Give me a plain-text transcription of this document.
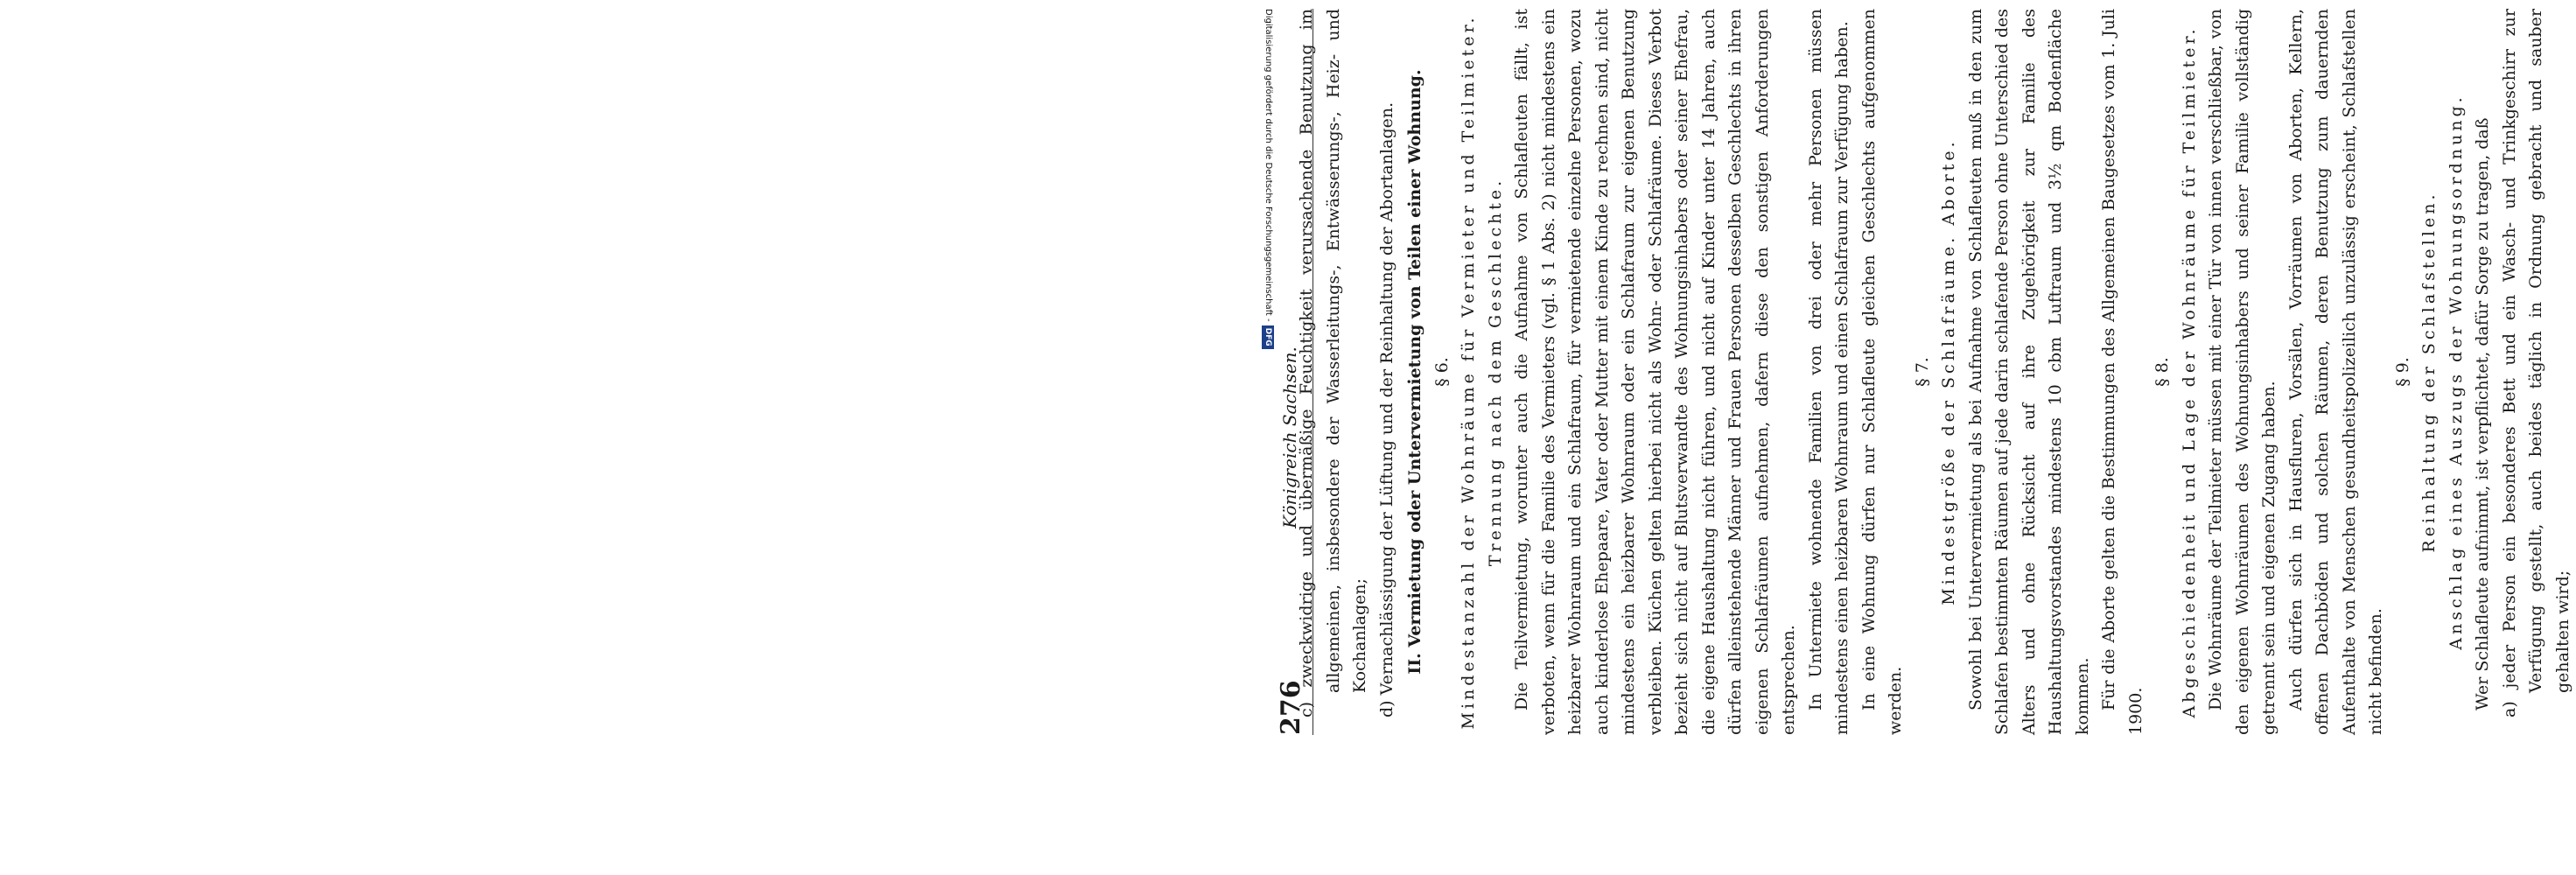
276
Königreich Sachsen.

c) zweckwidrige und übermäßige Feuchtigkeit verursachende Benutzung im allgemeinen, insbesondere der Wasserleitungs-, Entwässerungs-, Heiz- und Kochanlagen; d) Vernachlässigung der Lüftung und der Reinhaltung der Abortanlagen. II. Vermietung oder Untervermietung von Teilen einer Wohnung. § 6. Mindestanzahl der Wohnräume für Vermieter und Teilmieter. Trennung nach dem Geschlechte. Die Teilvermietung, worunter auch die Aufnahme von Schlafleuten fällt, ist verboten, wenn für die Familie des Vermieters (vgl. § 1 Abs. 2) nicht mindestens ein heizbarer Wohnraum und ein Schlafraum, für vermietende einzelne Personen, wozu auch kinderlose Ehepaare, Vater oder Mutter mit einem Kinde zu rechnen sind, nicht mindestens ein heizbarer Wohnraum oder ein Schlafraum zur eigenen Benutzung verbleiben. Küchen gelten hierbei nicht als Wohn- oder Schlafräume. Dieses Verbot bezieht sich nicht auf Blutsverwandte des Wohnungsinhabers oder seiner Ehefrau, die eigene Haushaltung nicht führen, und nicht auf Kinder unter 14 Jahren, auch dürfen alleinstehende Männer und Frauen Personen desselben Geschlechts in ihren eigenen Schlafräumen aufnehmen, dafern diese den sonstigen Anforderungen entsprechen. In Untermiete wohnende Familien von drei oder mehr Personen müssen mindestens einen heizbaren Wohnraum und einen Schlafraum zur Verfügung haben. In eine Wohnung dürfen nur Schlafleute gleichen Geschlechts aufgenommen werden.

§ 7. Mindestgröße der Schlafräume. Aborte. Sowohl bei Untervermietung als bei Aufnahme von Schlafleuten muß in den zum Schlafen bestimmten Räumen auf jede darin schlafende Person ohne Unterschied des Alters und ohne Rücksicht auf ihre Zugehörigkeit zur Familie des Haushaltungsvorstandes mindestens 10 cbm Luftraum und 3½ qm Bodenfläche kommen. Für die Aborte gelten die Bestimmungen des Allgemeinen Baugesetzes vom 1. Juli 1900.

§ 8. Abgeschiedenheit und Lage der Wohnräume für Teilmieter. Die Wohnräume der Teilmieter müssen mit einer Tür von innen verschließbar, von den eigenen Wohnräumen des Wohnungsinhabers und seiner Familie vollständig getrennt sein und eigenen Zugang haben. Auch dürfen sich in Hausfluren, Vorsälen, Vorräumen von Aborten, Kellern, offenen Dachböden und solchen Räumen, deren Benutzung zum dauernden Aufenthalte von Menschen gesundheitspolizeilich unzulässig erscheint, Schlafstellen nicht befinden.

§ 9. Reinhaltung der Schlafstellen. Anschlag eines Auszugs der Wohnungsordnung. Wer Schlafleute aufnimmt, ist verpflichtet, dafür Sorge zu tragen, daß a) jeder Person ein besonderes Bett und ein Wasch- und Trinkgeschirr zur Verfügung gestellt, auch beides täglich in Ordnung gebracht und sauber gehalten wird;

Digitalisierung gefördert durch die Deutsche Forschungsgemeinschaft -DFG
